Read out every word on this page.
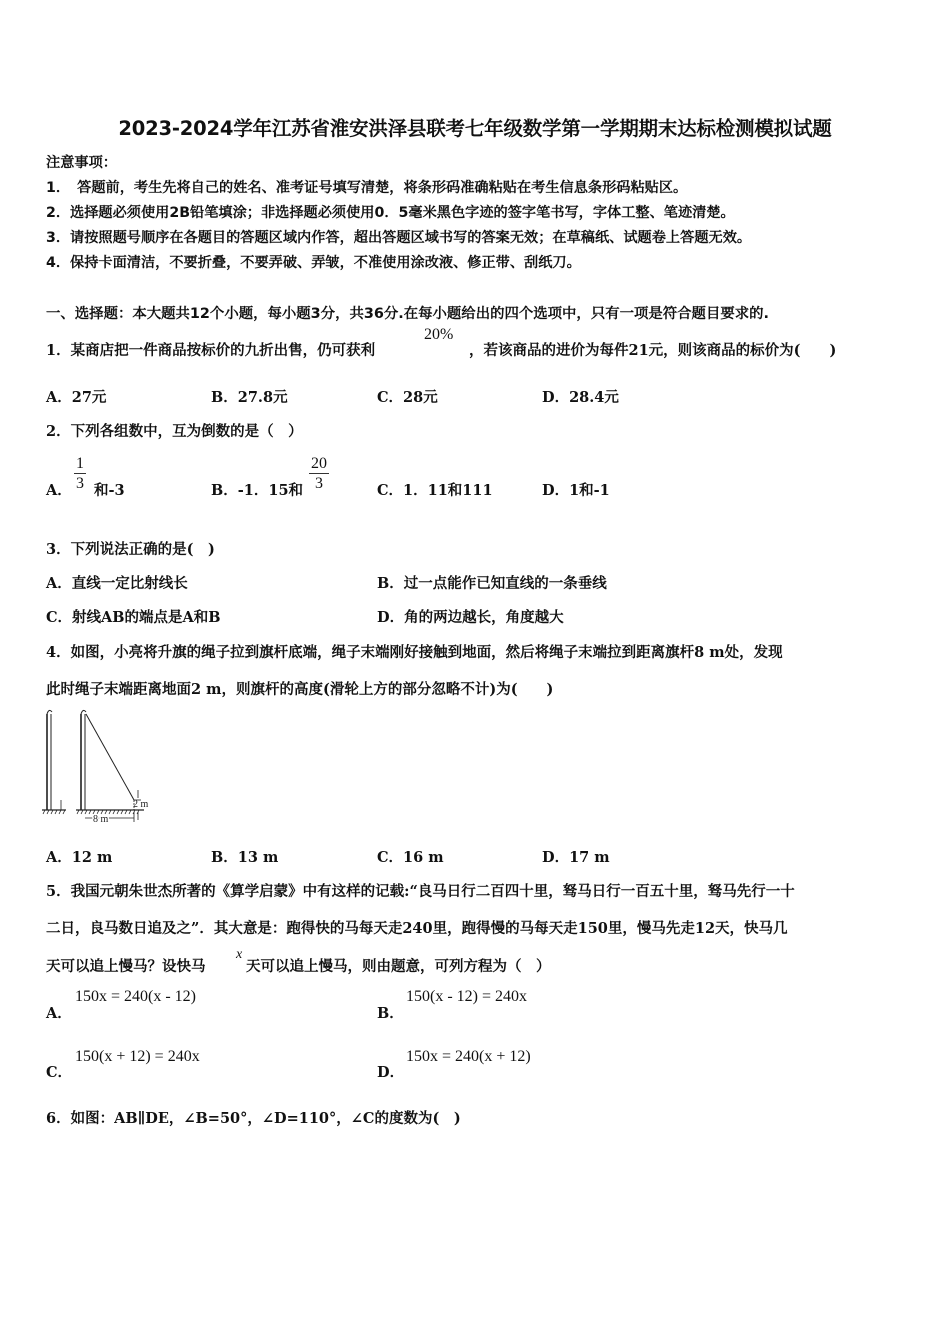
2023-2024学年江苏省淮安洪泽县联考七年级数学第一学期期末达标检测模拟试题
注意事项：
1．　答题前，考生先将自己的姓名、准考证号填写清楚，将条形码准确粘贴在考生信息条形码粘贴区。
2．选择题必须使用2B铅笔填涂；非选择题必须使用0．5毫米黑色字迹的签字笔书写，字体工整、笔迹清楚。
3．请按照题号顺序在各题目的答题区域内作答，超出答题区域书写的答案无效；在草稿纸、试题卷上答题无效。
4．保持卡面清洁，不要折叠，不要弄破、弄皱，不准使用涂改液、修正带、刮纸刀。
一、选择题：本大题共12个小题，每小题3分，共36分.在每小题给出的四个选项中，只有一项是符合题目要求的.
1．某商店把一件商品按标价的九折出售，仍可获利
20%
，若该商品的进价为每件21元，则该商品的标价为(　　)
A．27元	B．27.8元	C．28元	D．28.4元
2．下列各组数中，互为倒数的是（　）
A． $\frac{1}{3}$ 和-3	B．-1．15和 $\frac{20}{3}$	C．1．11和111	D．1和-1
3．下列说法正确的是(　)
A．直线一定比射线长	B．过一点能作已知直线的一条垂线
C．射线AB的端点是A和B	D．角的两边越长，角度越大
4．如图，小亮将升旗的绳子拉到旗杆底端，绳子末端刚好接触到地面，然后将绳子末端拉到距离旗杆8 m处，发现
此时绳子末端距离地面2 m，则旗杆的高度(滑轮上方的部分忽略不计)为(　　)
8 m
2 m
A．12 m	B．13 m	C．16 m	D．17 m
5．我国元朝朱世杰所著的《算学启蒙》中有这样的记载:“良马日行二百四十里，驽马日行一百五十里，驽马先行一十
二日，良马数日追及之”．其大意是：跑得快的马每天走240里，跑得慢的马每天走150里，慢马先走12天，快马几
天可以追上慢马？设快马
x
天可以追上慢马，则由题意，可列方程为（　）
A．
150x = 240(x - 12)
B．
150(x - 12) = 240x
C．
150(x + 12) = 240x
D．
150x = 240(x + 12)
6．如图：AB∥DE，∠B=50°，∠D=110°，∠C的度数为(　)
